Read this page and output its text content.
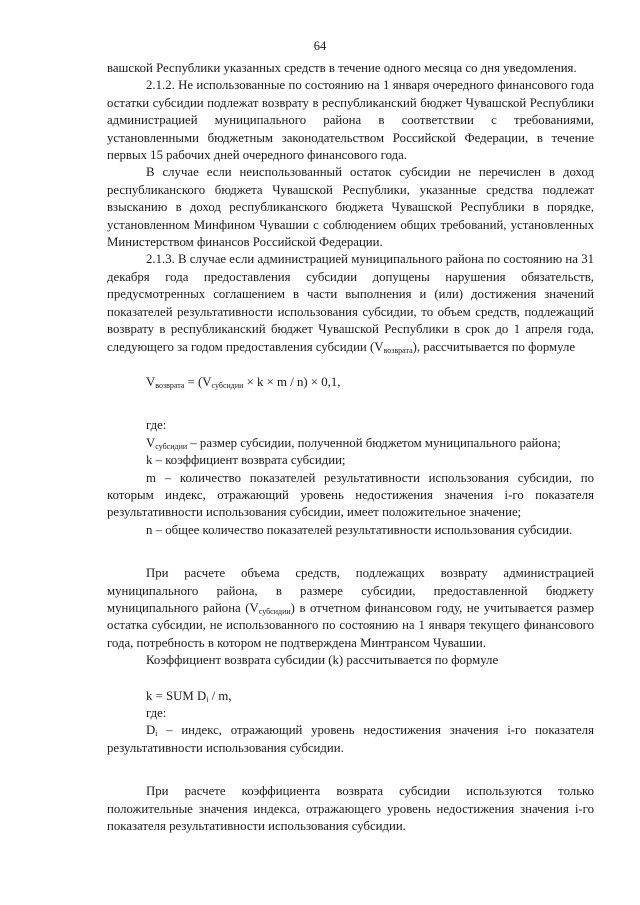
64

вашской Республики указанных средств в течение одного месяца со дня уведомления.

2.1.2. Не использованные по состоянию на 1 января очередного финансового года остатки субсидии подлежат возврату в республиканский бюджет Чувашской Республики администрацией муниципального района в соответствии с требованиями, установленными бюджетным законодательством Российской Федерации, в течение первых 15 рабочих дней очередного финансового года.

В случае если неиспользованный остаток субсидии не перечислен в доход республиканского бюджета Чувашской Республики, указанные средства подлежат взысканию в доход республиканского бюджета Чувашской Республики в порядке, установленном Минфином Чувашии с соблюдением общих требований, установленных Министерством финансов Российской Федерации.

2.1.3. В случае если администрацией муниципального района по состоянию на 31 декабря года предоставления субсидии допущены нарушения обязательств, предусмотренных соглашением в части выполнения и (или) достижения значений показателей результативности использования субсидии, то объем средств, подлежащий возврату в республиканский бюджет Чувашской Республики в срок до 1 апреля года, следующего за годом предоставления субсидии $(V_{возврата})$, рассчитывается по формуле

$V_{возврата} = (V_{субсидии} \times k \times m / n) \times 0,1$,

где:

$V_{субсидии}$ – размер субсидии, полученной бюджетом муниципального района;

k – коэффициент возврата субсидии;

m – количество показателей результативности использования субсидии, по которым индекс, отражающий уровень недостижения значения i-го показателя результативности использования субсидии, имеет положительное значение;

n – общее количество показателей результативности использования субсидии.

При расчете объема средств, подлежащих возврату администрацией муниципального района, в размере субсидии, предоставленной бюджету муниципального района $(V_{субсидии})$ в отчетном финансовом году, не учитывается размер остатка субсидии, не использованного по состоянию на 1 января текущего финансового года, потребность в котором не подтверждена Минтрансом Чувашии.

Коэффициент возврата субсидии (k) рассчитывается по формуле

k = SUM $D_i$ / m,

где:

$D_i$ – индекс, отражающий уровень недостижения значения i-го показателя результативности использования субсидии.

При расчете коэффициента возврата субсидии используются только положительные значения индекса, отражающего уровень недостижения значения i-го показателя результативности использования субсидии.
